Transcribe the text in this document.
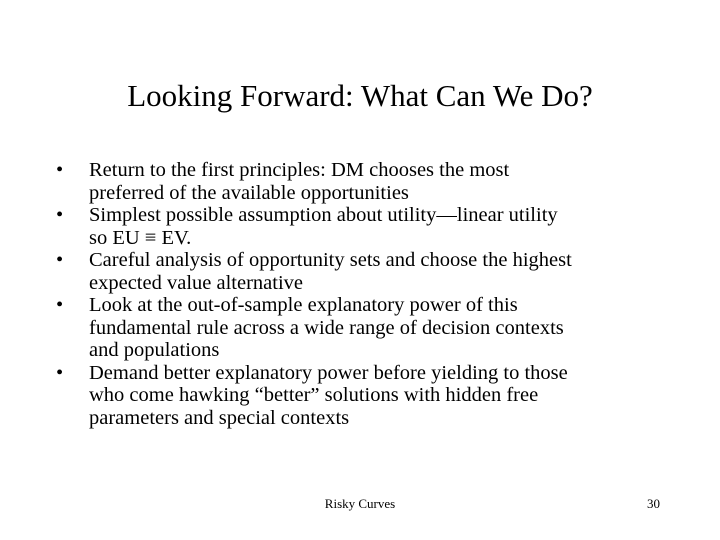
Looking Forward: What Can We Do?
•	Return to the first principles: DM chooses the most
preferred of the available opportunities
•	Simplest possible assumption about utility—linear utility
so EU ≡ EV.
•	Careful analysis of opportunity sets and choose the highest
expected value alternative
•	Look at the out-of-sample explanatory power of this
fundamental rule across a wide range of decision contexts
and populations
•	Demand better explanatory power before yielding to those
who come hawking “better” solutions with hidden free
parameters and special contexts
Risky Curves	30
